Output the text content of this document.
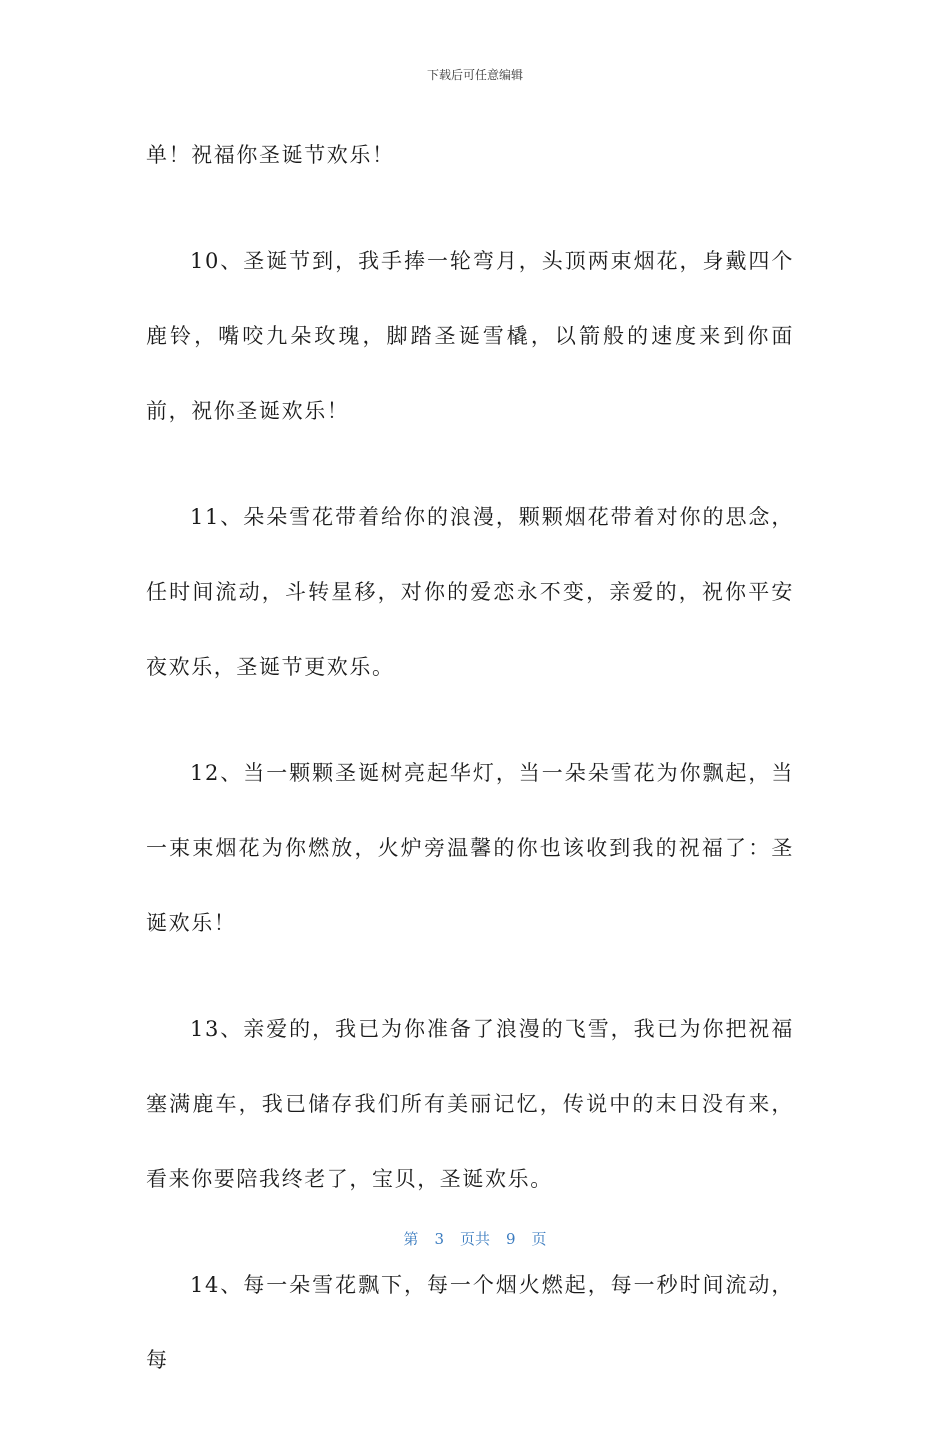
下载后可任意编辑

单！祝福你圣诞节欢乐！

10、圣诞节到，我手捧一轮弯月，头顶两束烟花，身戴四个鹿铃，嘴咬九朵玫瑰，脚踏圣诞雪橇，以箭般的速度来到你面前，祝你圣诞欢乐！

11、朵朵雪花带着给你的浪漫，颗颗烟花带着对你的思念，任时间流动，斗转星移，对你的爱恋永不变，亲爱的，祝你平安夜欢乐，圣诞节更欢乐。

12、当一颗颗圣诞树亮起华灯，当一朵朵雪花为你飘起，当一束束烟花为你燃放，火炉旁温馨的你也该收到我的祝福了：圣诞欢乐！

13、亲爱的，我已为你准备了浪漫的飞雪，我已为你把祝福塞满鹿车，我已储存我们所有美丽记忆，传说中的末日没有来，看来你要陪我终老了，宝贝，圣诞欢乐。

14、每一朵雪花飘下，每一个烟火燃起，每一秒时间流动，每

第 3 页共 9 页
